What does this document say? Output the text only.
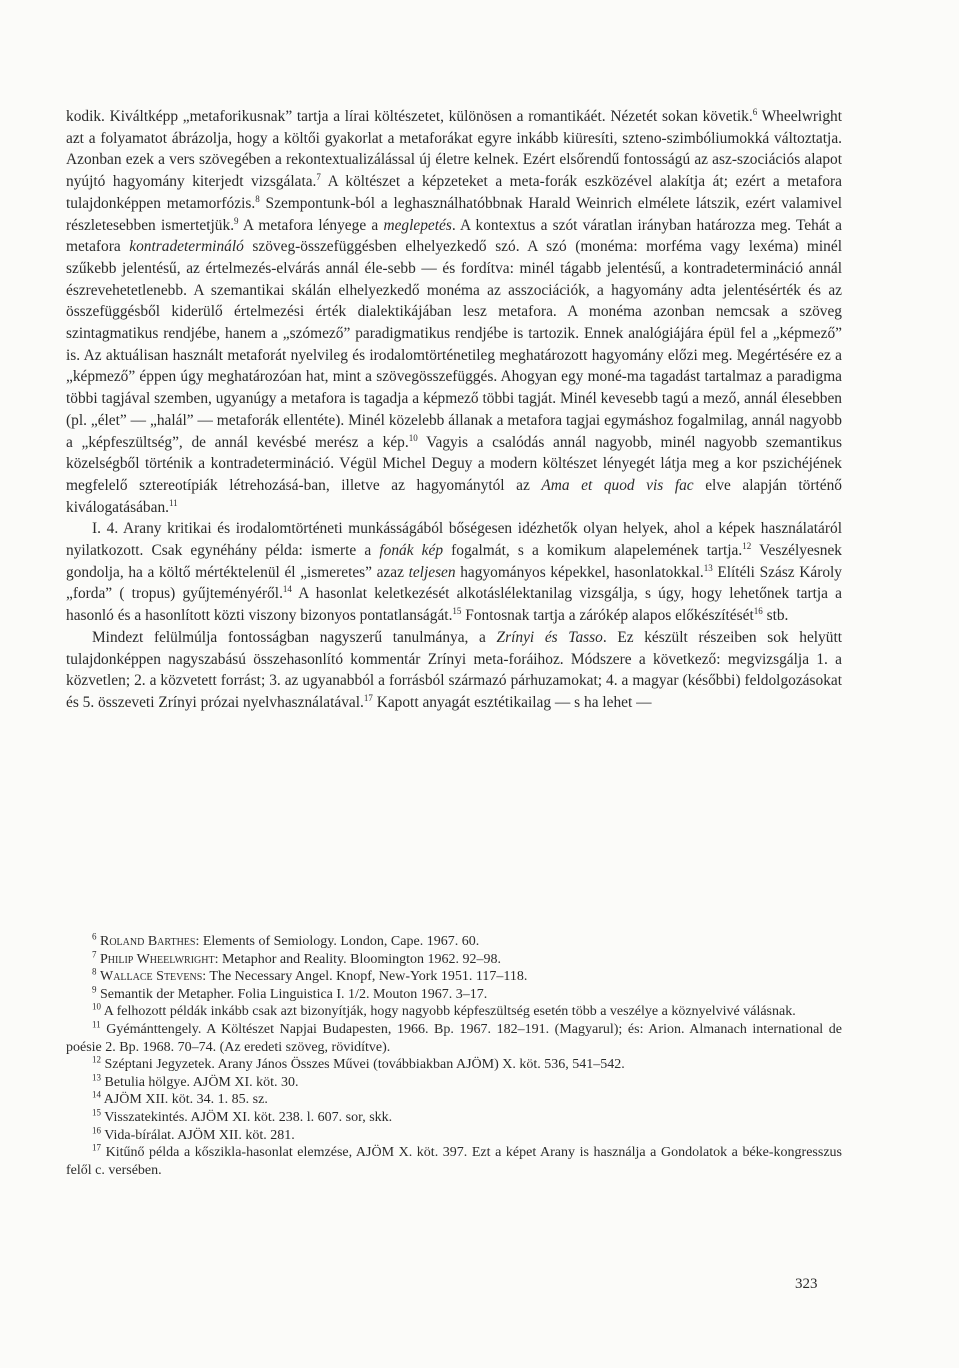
kodik. Kiváltképp „metaforikusnak” tartja a lírai költészetet, különösen a romantikáét. Nézetét sokan követik.$^6$ Wheelwright azt a folyamatot ábrázolja, hogy a költői gyakorlat a metaforákat egyre inkább kiüresíti, szteno-szimbóliumokká változtatja. Azonban ezek a vers szövegében a rekontextualizálással új életre kelnek. Ezért elsőrendű fontosságú az asz-szociációs alapot nyújtó hagyomány kiterjedt vizsgálata.$^7$ A költészet a képzeteket a meta-forák eszközével alakítja át; ezért a metafora tulajdonképpen metamorfózis.$^8$ Szempontunk-ból a leghasználhatóbbnak Harald Weinrich elmélete látszik, ezért valamivel részletesebben ismertetjük.$^9$ A metafora lényege a meglepetés. A kontextus a szót váratlan irányban határozza meg. Tehát a metafora kontradetermináló szöveg-összefüggésben elhelyezkedő szó. A szó (monéma: morféma vagy lexéma) minél szűkebb jelentésű, az értelmezés-elvárás annál éle-sebb — és fordítva: minél tágabb jelentésű, a kontradetermináció annál észrevehetetlenebb. A szemantikai skálán elhelyezkedő monéma az asszociációk, a hagyomány adta jelentésérték és az összefüggésből kiderülő értelmezési érték dialektikájában lesz metafora. A monéma azonban nemcsak a szöveg szintagmatikus rendjébe, hanem a „szómező” paradigmatikus rendjébe is tartozik. Ennek analógiájára épül fel a „képmező” is. Az aktuálisan használt metaforát nyelvileg és irodalomtörténetileg meghatározott hagyomány előzi meg. Megértésére ez a „képmező” éppen úgy meghatározóan hat, mint a szövegösszefüggés. Ahogyan egy moné-ma tagadást tartalmaz a paradigma többi tagjával szemben, ugyanúgy a metafora is tagadja a képmező többi tagját. Minél kevesebb tagú a mező, annál élesebben (pl. „élet” — „halál” — metaforák ellentéte). Minél közelebb állanak a metafora tagjai egymáshoz fogalmilag, annál nagyobb a „képfeszültség”, de annál kevésbé merész a kép.$^{10}$ Vagyis a csalódás annál nagyobb, minél nagyobb szemantikus közelségből történik a kontradetermináció. Végül Michel Deguy a modern költészet lényegét látja meg a kor pszichéjének megfelelő sztereotípiák létrehozásá-ban, illetve az hagyománytól az Ama et quod vis fac elve alapján történő kiválogatásában.$^{11}$

I. 4. Arany kritikai és irodalomtörténeti munkásságából bőségesen idézhetők olyan helyek, ahol a képek használatáról nyilatkozott. Csak egynéhány példa: ismerte a fonák kép fogalmát, s a komikum alapelemének tartja.$^{12}$ Veszélyesnek gondolja, ha a költő mértéktelenül él „ismeretes” azaz teljesen hagyományos képekkel, hasonlatokkal.$^{13}$ Elítéli Szász Károly „forda” ( tropus) gyűjteményéről.$^{14}$ A hasonlat keletkezését alkotáslélektanilag vizsgálja, s úgy, hogy lehetőnek tartja a hasonló és a hasonlított közti viszony bizonyos pontatlanságát.$^{15}$ Fontosnak tartja a zárókép alapos előkészítését$^{16}$ stb.

Mindezt felülmúlja fontosságban nagyszerű tanulmánya, a Zrínyi és Tasso. Ez készült részeiben sok helyütt tulajdonképpen nagyszabású összehasonlító kommentár Zrínyi meta-foráihoz. Módszere a következő: megvizsgálja 1. a közvetlen; 2. a közvetett forrást; 3. az ugyanabból a forrásból származó párhuzamokat; 4. a magyar (későbbi) feldolgozásokat és 5. összeveti Zrínyi prózai nyelvhasználatával.$^{17}$ Kapott anyagát esztétikailag — s ha lehet —

$^6$ Roland Barthes: Elements of Semiology. London, Cape. 1967. 60.

$^7$ Philip Wheelwright: Metaphor and Reality. Bloomington 1962. 92–98.

$^8$ Wallace Stevens: The Necessary Angel. Knopf, New-York 1951. 117–118.

$^9$ Semantik der Metapher. Folia Linguistica I. 1/2. Mouton 1967. 3–17.

$^{10}$ A felhozott példák inkább csak azt bizonyítják, hogy nagyobb képfeszültség esetén több a veszélye a köznyelvivé válásnak.

$^{11}$ Gyémánttengely. A Költészet Napjai Budapesten, 1966. Bp. 1967. 182–191. (Magyarul); és: Arion. Almanach international de poésie 2. Bp. 1968. 70–74. (Az eredeti szöveg, rövidítve).

$^{12}$ Széptani Jegyzetek. Arany János Összes Művei (továbbiakban AJÖM) X. köt. 536, 541–542.

$^{13}$ Betulia hölgye. AJÖM XI. köt. 30.

$^{14}$ AJÖM XII. köt. 34. 1. 85. sz.

$^{15}$ Visszatekintés. AJÖM XI. köt. 238. l. 607. sor, skk.

$^{16}$ Vida-bírálat. AJÖM XII. köt. 281.

$^{17}$ Kitűnő példa a kőszikla-hasonlat elemzése, AJÖM X. köt. 397. Ezt a képet Arany is használja a Gondolatok a béke-kongresszus felől c. versében.

323
